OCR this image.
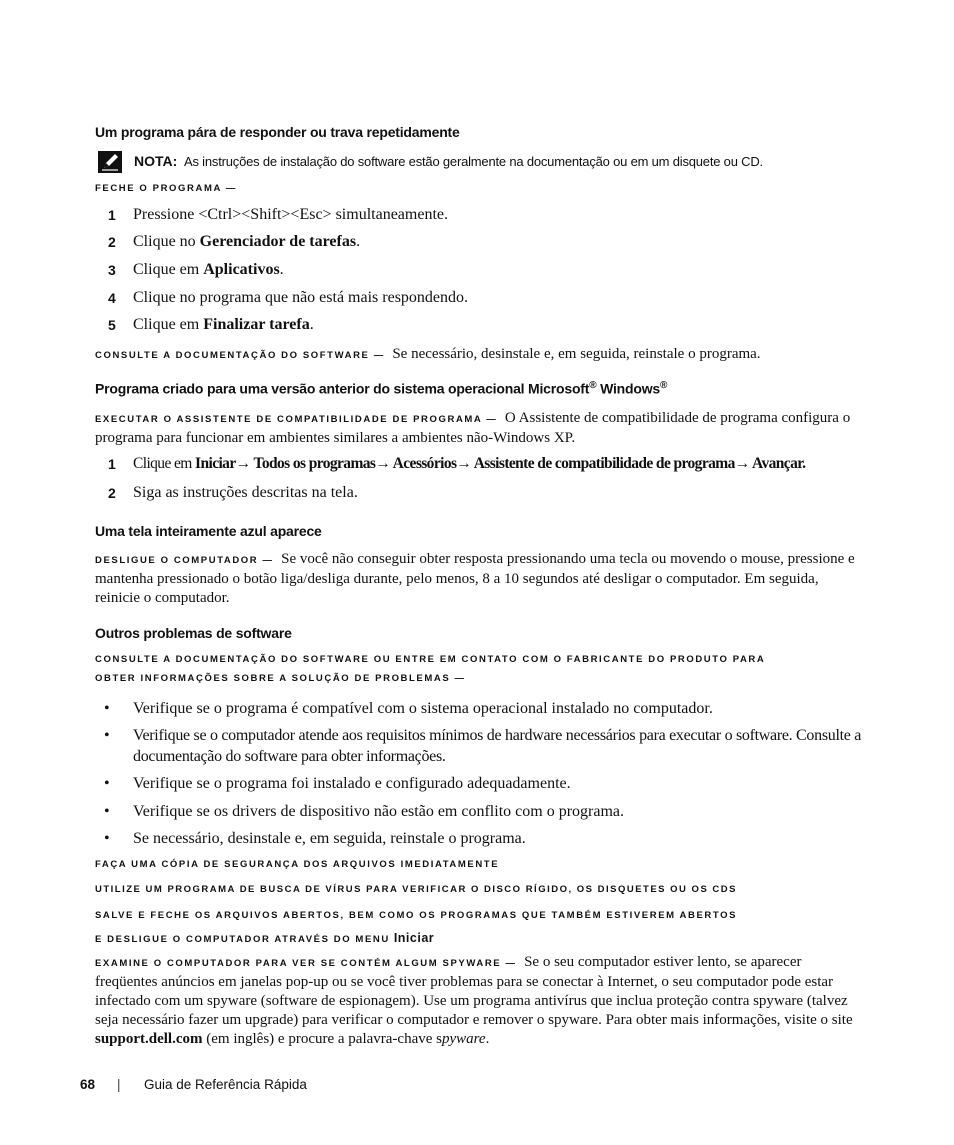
Um programa pára de responder ou trava repetidamente
NOTA: As instruções de instalação do software estão geralmente na documentação ou em um disquete ou CD.
FECHE O PROGRAMA —
1 Pressione <Ctrl><Shift><Esc> simultaneamente.
2 Clique no Gerenciador de tarefas.
3 Clique em Aplicativos.
4 Clique no programa que não está mais respondendo.
5 Clique em Finalizar tarefa.
CONSULTE A DOCUMENTAÇÃO DO SOFTWARE — Se necessário, desinstale e, em seguida, reinstale o programa.
Programa criado para uma versão anterior do sistema operacional Microsoft® Windows®
EXECUTAR O ASSISTENTE DE COMPATIBILIDADE DE PROGRAMA — O Assistente de compatibilidade de programa configura o programa para funcionar em ambientes similares a ambientes não-Windows XP.
1 Clique em Iniciar→ Todos os programas→ Acessórios→ Assistente de compatibilidade de programa→ Avançar.
2 Siga as instruções descritas na tela.
Uma tela inteiramente azul aparece
DESLIGUE O COMPUTADOR — Se você não conseguir obter resposta pressionando uma tecla ou movendo o mouse, pressione e mantenha pressionado o botão liga/desliga durante, pelo menos, 8 a 10 segundos até desligar o computador. Em seguida, reinicie o computador.
Outros problemas de software
CONSULTE A DOCUMENTAÇÃO DO SOFTWARE OU ENTRE EM CONTATO COM O FABRICANTE DO PRODUTO PARA
OBTER INFORMAÇÕES SOBRE A SOLUÇÃO DE PROBLEMAS —
• Verifique se o programa é compatível com o sistema operacional instalado no computador.
• Verifique se o computador atende aos requisitos mínimos de hardware necessários para executar o software. Consulte a documentação do software para obter informações.
• Verifique se o programa foi instalado e configurado adequadamente.
• Verifique se os drivers de dispositivo não estão em conflito com o programa.
• Se necessário, desinstale e, em seguida, reinstale o programa.
FAÇA UMA CÓPIA DE SEGURANÇA DOS ARQUIVOS IMEDIATAMENTE
UTILIZE UM PROGRAMA DE BUSCA DE VÍRUS PARA VERIFICAR O DISCO RÍGIDO, OS DISQUETES OU OS CDS
SALVE E FECHE OS ARQUIVOS ABERTOS, BEM COMO OS PROGRAMAS QUE TAMBÉM ESTIVEREM ABERTOS
E DESLIGUE O COMPUTADOR ATRAVÉS DO MENU Iniciar
EXAMINE O COMPUTADOR PARA VER SE CONTÉM ALGUM SPYWARE — Se o seu computador estiver lento, se aparecer freqüentes anúncios em janelas pop-up ou se você tiver problemas para se conectar à Internet, o seu computador pode estar infectado com um spyware (software de espionagem). Use um programa antivírus que inclua proteção contra spyware (talvez seja necessário fazer um upgrade) para verificar o computador e remover o spyware. Para obter mais informações, visite o site support.dell.com (em inglês) e procure a palavra-chave spyware.
68 | Guia de Referência Rápida
